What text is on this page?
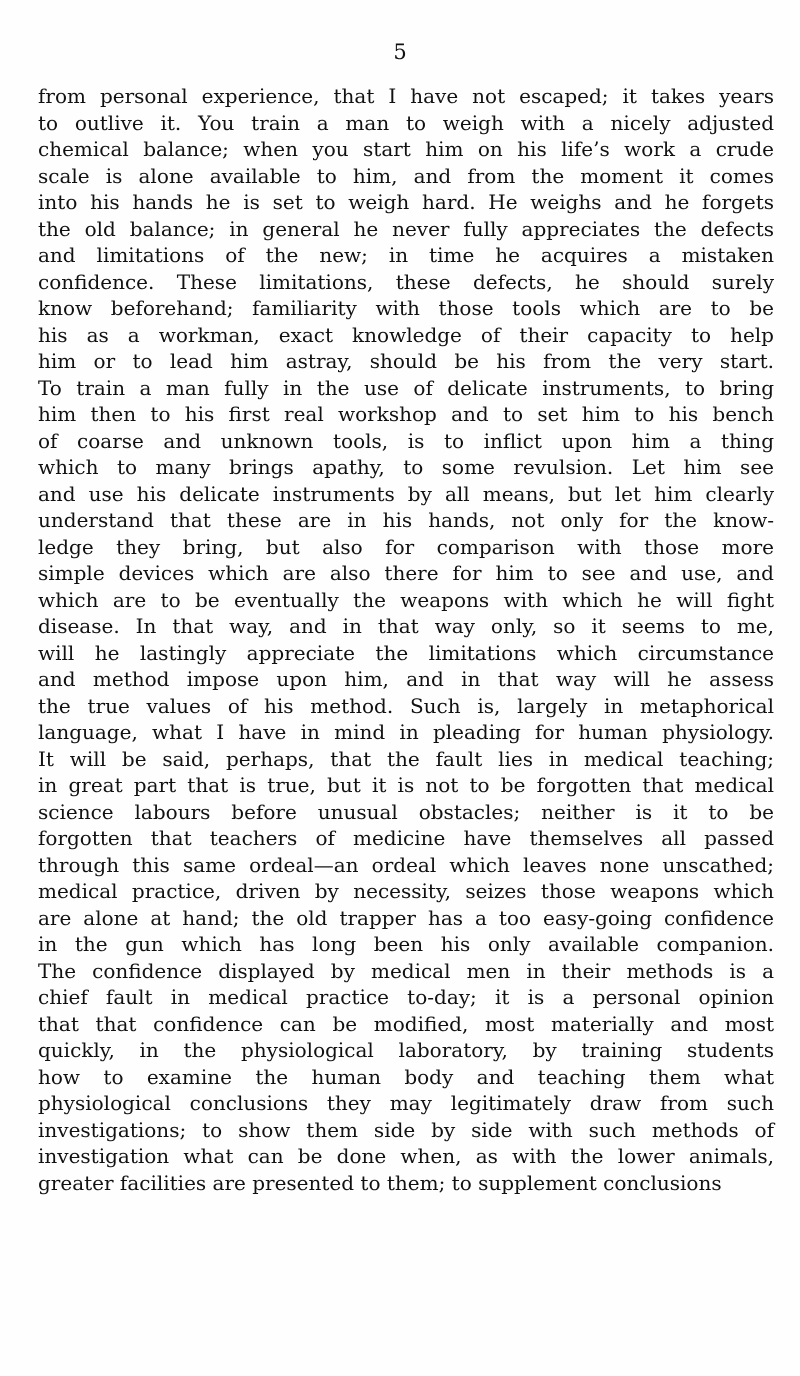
5
from personal experience, that I have not escaped; it takes years
to outlive it. You train a man to weigh with a nicely adjusted
chemical balance; when you start him on his life’s work a crude
scale is alone available to him, and from the moment it comes
into his hands he is set to weigh hard. He weighs and he forgets
the old balance; in general he never fully appreciates the defects
and limitations of the new; in time he acquires a mistaken
confidence. These limitations, these defects, he should surely
know beforehand; familiarity with those tools which are to be
his as a workman, exact knowledge of their capacity to help
him or to lead him astray, should be his from the very start.
To train a man fully in the use of delicate instruments, to bring
him then to his first real workshop and to set him to his bench
of coarse and unknown tools, is to inflict upon him a thing
which to many brings apathy, to some revulsion. Let him see
and use his delicate instruments by all means, but let him clearly
understand that these are in his hands, not only for the know-
ledge they bring, but also for comparison with those more
simple devices which are also there for him to see and use, and
which are to be eventually the weapons with which he will fight
disease. In that way, and in that way only, so it seems to me,
will he lastingly appreciate the limitations which circumstance
and method impose upon him, and in that way will he assess
the true values of his method. Such is, largely in metaphorical
language, what I have in mind in pleading for human physiology.
It will be said, perhaps, that the fault lies in medical teaching;
in great part that is true, but it is not to be forgotten that medical
science labours before unusual obstacles; neither is it to be
forgotten that teachers of medicine have themselves all passed
through this same ordeal—an ordeal which leaves none unscathed;
medical practice, driven by necessity, seizes those weapons which
are alone at hand; the old trapper has a too easy-going confidence
in the gun which has long been his only available companion.
The confidence displayed by medical men in their methods is a
chief fault in medical practice to-day; it is a personal opinion
that that confidence can be modified, most materially and most
quickly, in the physiological laboratory, by training students
how to examine the human body and teaching them what
physiological conclusions they may legitimately draw from such
investigations; to show them side by side with such methods of
investigation what can be done when, as with the lower animals,
greater facilities are presented to them; to supplement conclusions
